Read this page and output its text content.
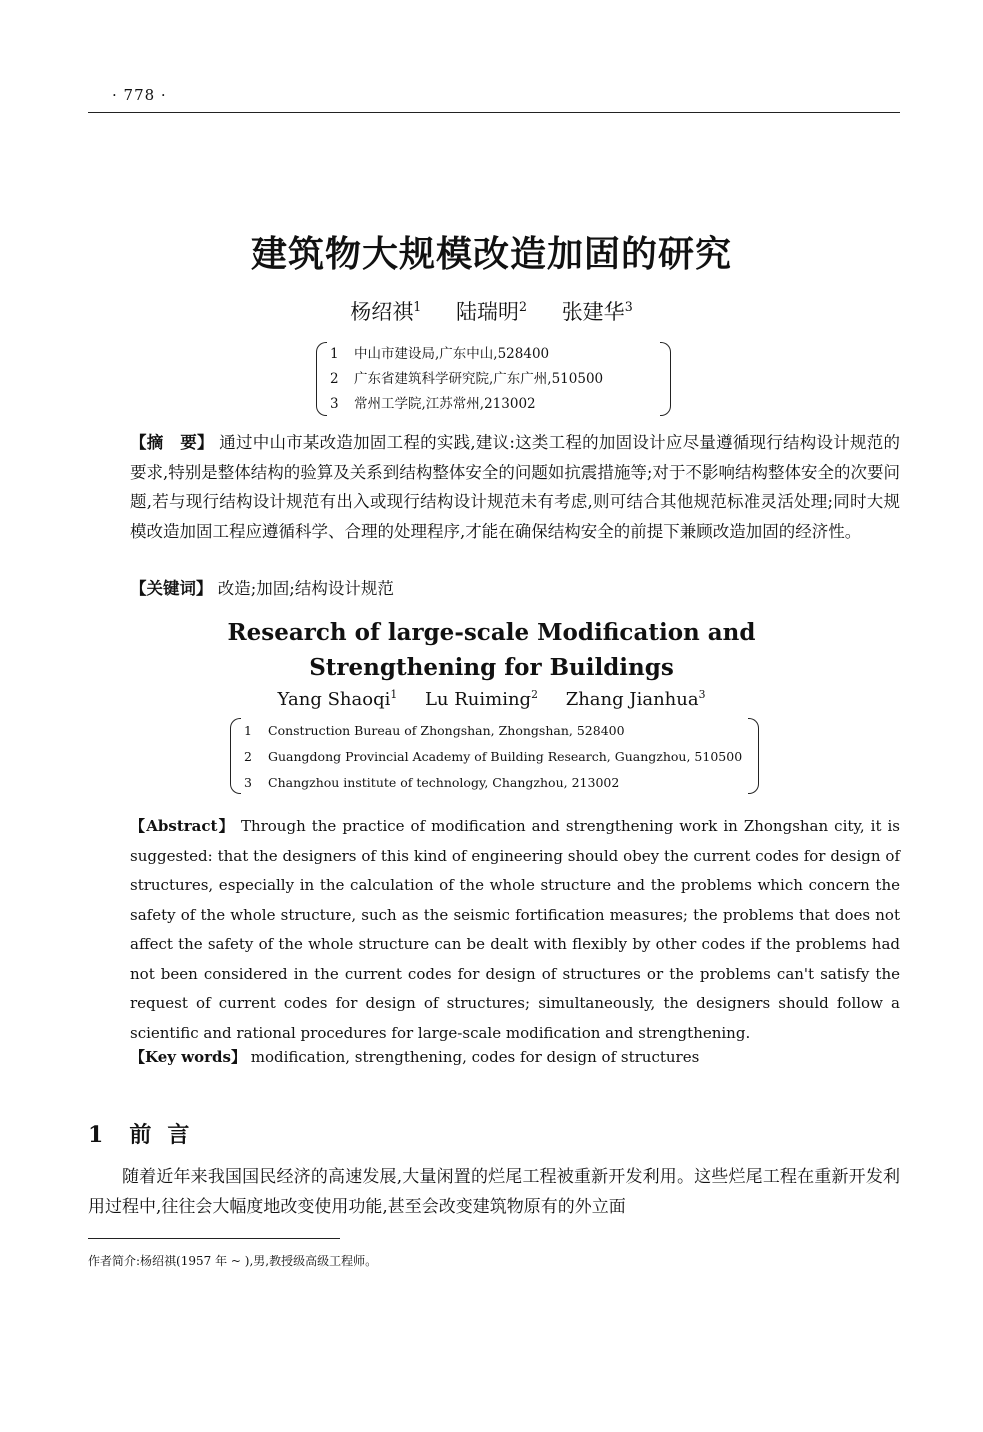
· 778 ·
建筑物大规模改造加固的研究
杨绍祺$^1$ 陆瑞明$^2$ 张建华$^3$
1 中山市建设局,广东中山,528400
2 广东省建筑科学研究院,广东广州,510500
3 常州工学院,江苏常州,213002
【摘　要】 通过中山市某改造加固工程的实践,建议:这类工程的加固设计应尽量遵循现行结构设计规范的要求,特别是整体结构的验算及关系到结构整体安全的问题如抗震措施等;对于不影响结构整体安全的次要问题,若与现行结构设计规范有出入或现行结构设计规范未有考虑,则可结合其他规范标准灵活处理;同时大规模改造加固工程应遵循科学、合理的处理程序,才能在确保结构安全的前提下兼顾改造加固的经济性。
【关键词】 改造;加固;结构设计规范
Research of large-scale Modification and
Strengthening for Buildings
Yang Shaoqi$^1$ Lu Ruiming$^2$ Zhang Jianhua$^3$
1 Construction Bureau of Zhongshan, Zhongshan, 528400
2 Guangdong Provincial Academy of Building Research, Guangzhou, 510500
3 Changzhou institute of technology, Changzhou, 213002
【Abstract】 Through the practice of modification and strengthening work in Zhongshan city, it is suggested: that the designers of this kind of engineering should obey the current codes for design of structures, especially in the calculation of the whole structure and the problems which concern the safety of the whole structure, such as the seismic fortification measures; the problems that does not affect the safety of the whole structure can be dealt with flexibly by other codes if the problems had not been considered in the current codes for design of structures or the problems can't satisfy the request of current codes for design of structures; simultaneously, the designers should follow a scientific and rational procedures for large-scale modification and strengthening.
【Key words】 modification, strengthening, codes for design of structures
1 前言
随着近年来我国国民经济的高速发展,大量闲置的烂尾工程被重新开发利用。这些烂尾工程在重新开发利用过程中,往往会大幅度地改变使用功能,甚至会改变建筑物原有的外立面
作者简介:杨绍祺(1957 年 ~ ),男,教授级高级工程师。
